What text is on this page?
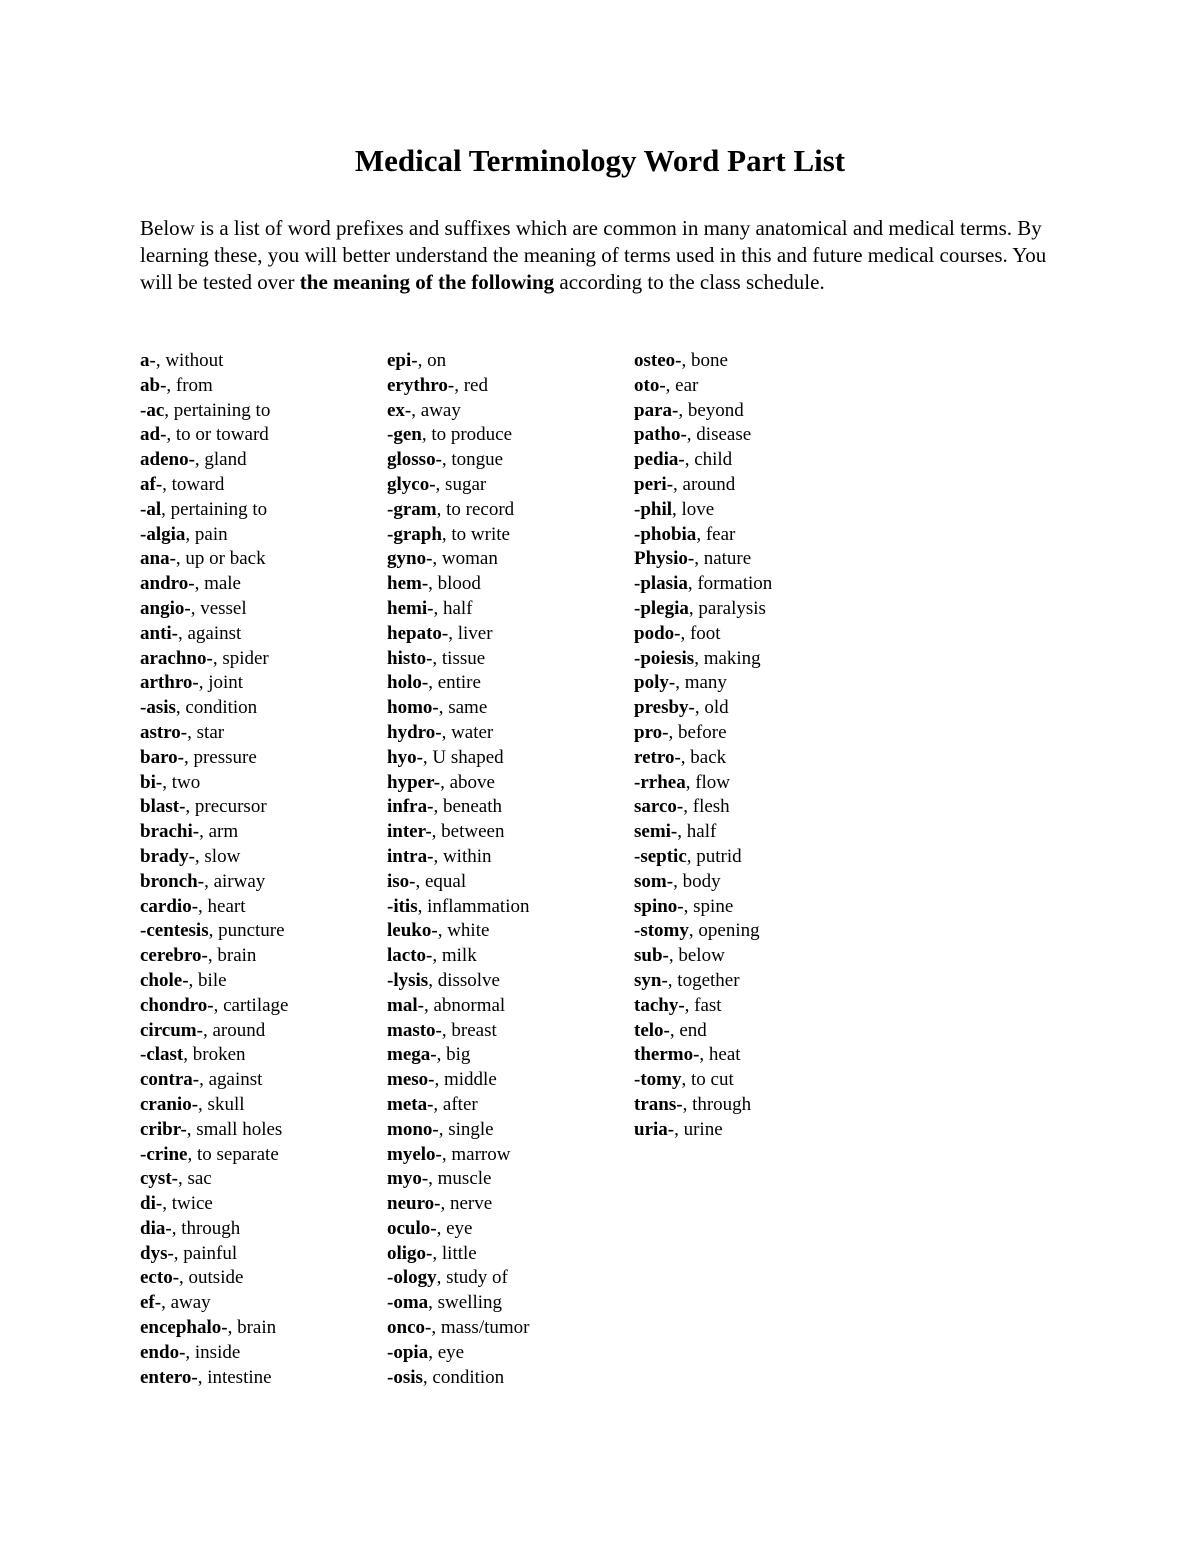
Medical Terminology Word Part List

Below is a list of word prefixes and suffixes which are common in many anatomical and medical terms. By learning these, you will better understand the meaning of terms used in this and future medical courses. You will be tested over the meaning of the following according to the class schedule.

a-, without
ab-, from
-ac, pertaining to
ad-, to or toward
adeno-, gland
af-, toward
-al, pertaining to
-algia, pain
ana-, up or back
andro-, male
angio-, vessel
anti-, against
arachno-, spider
arthro-, joint
-asis, condition
astro-, star
baro-, pressure
bi-, two
blast-, precursor
brachi-, arm
brady-, slow
bronch-, airway
cardio-, heart
-centesis, puncture
cerebro-, brain
chole-, bile
chondro-, cartilage
circum-, around
-clast, broken
contra-, against
cranio-, skull
cribr-, small holes
-crine, to separate
cyst-, sac
di-, twice
dia-, through
dys-, painful
ecto-, outside
ef-, away
encephalo-, brain
endo-, inside
entero-, intestine
epi-, on
erythro-, red
ex-, away
-gen, to produce
glosso-, tongue
glyco-, sugar
-gram, to record
-graph, to write
gyno-, woman
hem-, blood
hemi-, half
hepato-, liver
histo-, tissue
holo-, entire
homo-, same
hydro-, water
hyo-, U shaped
hyper-, above
infra-, beneath
inter-, between
intra-, within
iso-, equal
-itis, inflammation
leuko-, white
lacto-, milk
-lysis, dissolve
mal-, abnormal
masto-, breast
mega-, big
meso-, middle
meta-, after
mono-, single
myelo-, marrow
myo-, muscle
neuro-, nerve
oculo-, eye
oligo-, little
-ology, study of
-oma, swelling
onco-, mass/tumor
-opia, eye
-osis, condition
osteo-, bone
oto-, ear
para-, beyond
patho-, disease
pedia-, child
peri-, around
-phil, love
-phobia, fear
Physio-, nature
-plasia, formation
-plegia, paralysis
podo-, foot
-poiesis, making
poly-, many
presby-, old
pro-, before
retro-, back
-rrhea, flow
sarco-, flesh
semi-, half
-septic, putrid
som-, body
spino-, spine
-stomy, opening
sub-, below
syn-, together
tachy-, fast
telo-, end
thermo-, heat
-tomy, to cut
trans-, through
uria-, urine
